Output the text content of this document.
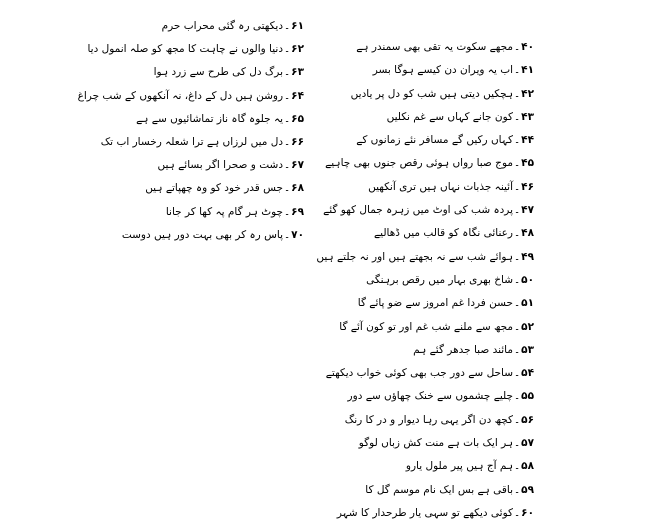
۶۱۔دیکھتی رہ گئی محراب حرم
۶۲۔دنیا والوں نے چاہت کا مجھ کو صلہ انمول دیا
۶۳۔برگ دل کی طرح سے زرد ہوا
۶۴۔روشن ہیں دل کے داغ، نہ آنکھوں کے شب چراغ
۶۵۔یہ جلوہ گاہ ناز تماشائیوں سے ہے
۶۶۔دل میں لرزاں ہے ترا شعلہ رخسار اب تک
۶۷۔دشت و صحرا اگر بسائے ہیں
۶۸۔جس قدر خود کو وہ چھپاتے ہیں
۶۹۔چوٹ ہر گام پہ کھا کر جانا
۷۰۔پاس رہ کر بھی بہت دور ہیں دوست
۴۰۔مجھے سکوت یہ تقی بھی سمندر ہے
۴۱۔اب یہ ویران دن کیسے ہوگا بسر
۴۲۔ہچکیں دیتی ہیں شب کو دل پر یادیں
۴۳۔کون جانے کہاں سے غم نکلیں
۴۴۔کہاں رکیں گے مسافر نئے زمانوں کے
۴۵۔موج صبا رواں ہوئی رقص جنوں بھی چاہیے
۴۶۔آئینہ جذبات نہاں ہیں تری آنکھیں
۴۷۔پردہ شب کی اوٹ میں زہرہ جمال کھو گئے
۴۸۔رعنائی نگاہ کو قالب میں ڈھالیے
۴۹۔ہوائے شب سے نہ بجھتے ہیں اور نہ جلتے ہیں
۵۰۔شاخ بھری بہار میں رقص برہنگی
۵۱۔حسن فردا غم امروز سے ضو پائے گا
۵۲۔مجھ سے ملنے شب غم اور تو کون آئے گا
۵۳۔مائند صبا جدھر گئے ہم
۵۴۔ساحل سے دور جب بھی کوئی خواب دیکھتے
۵۵۔چلیے چشموں سے خنک چھاؤں سے دور
۵۶۔کچھ دن اگر یہی رہا دیوار و در کا رنگ
۵۷۔ہر ایک بات ہے منت کش زباں لوگو
۵۸۔ہم آج ہیں پیر ملول یارو
۵۹۔باقی ہے بس ایک نام موسم گل کا
۶۰۔کوئی دیکھے تو سہی یار طرحدار کا شہر
